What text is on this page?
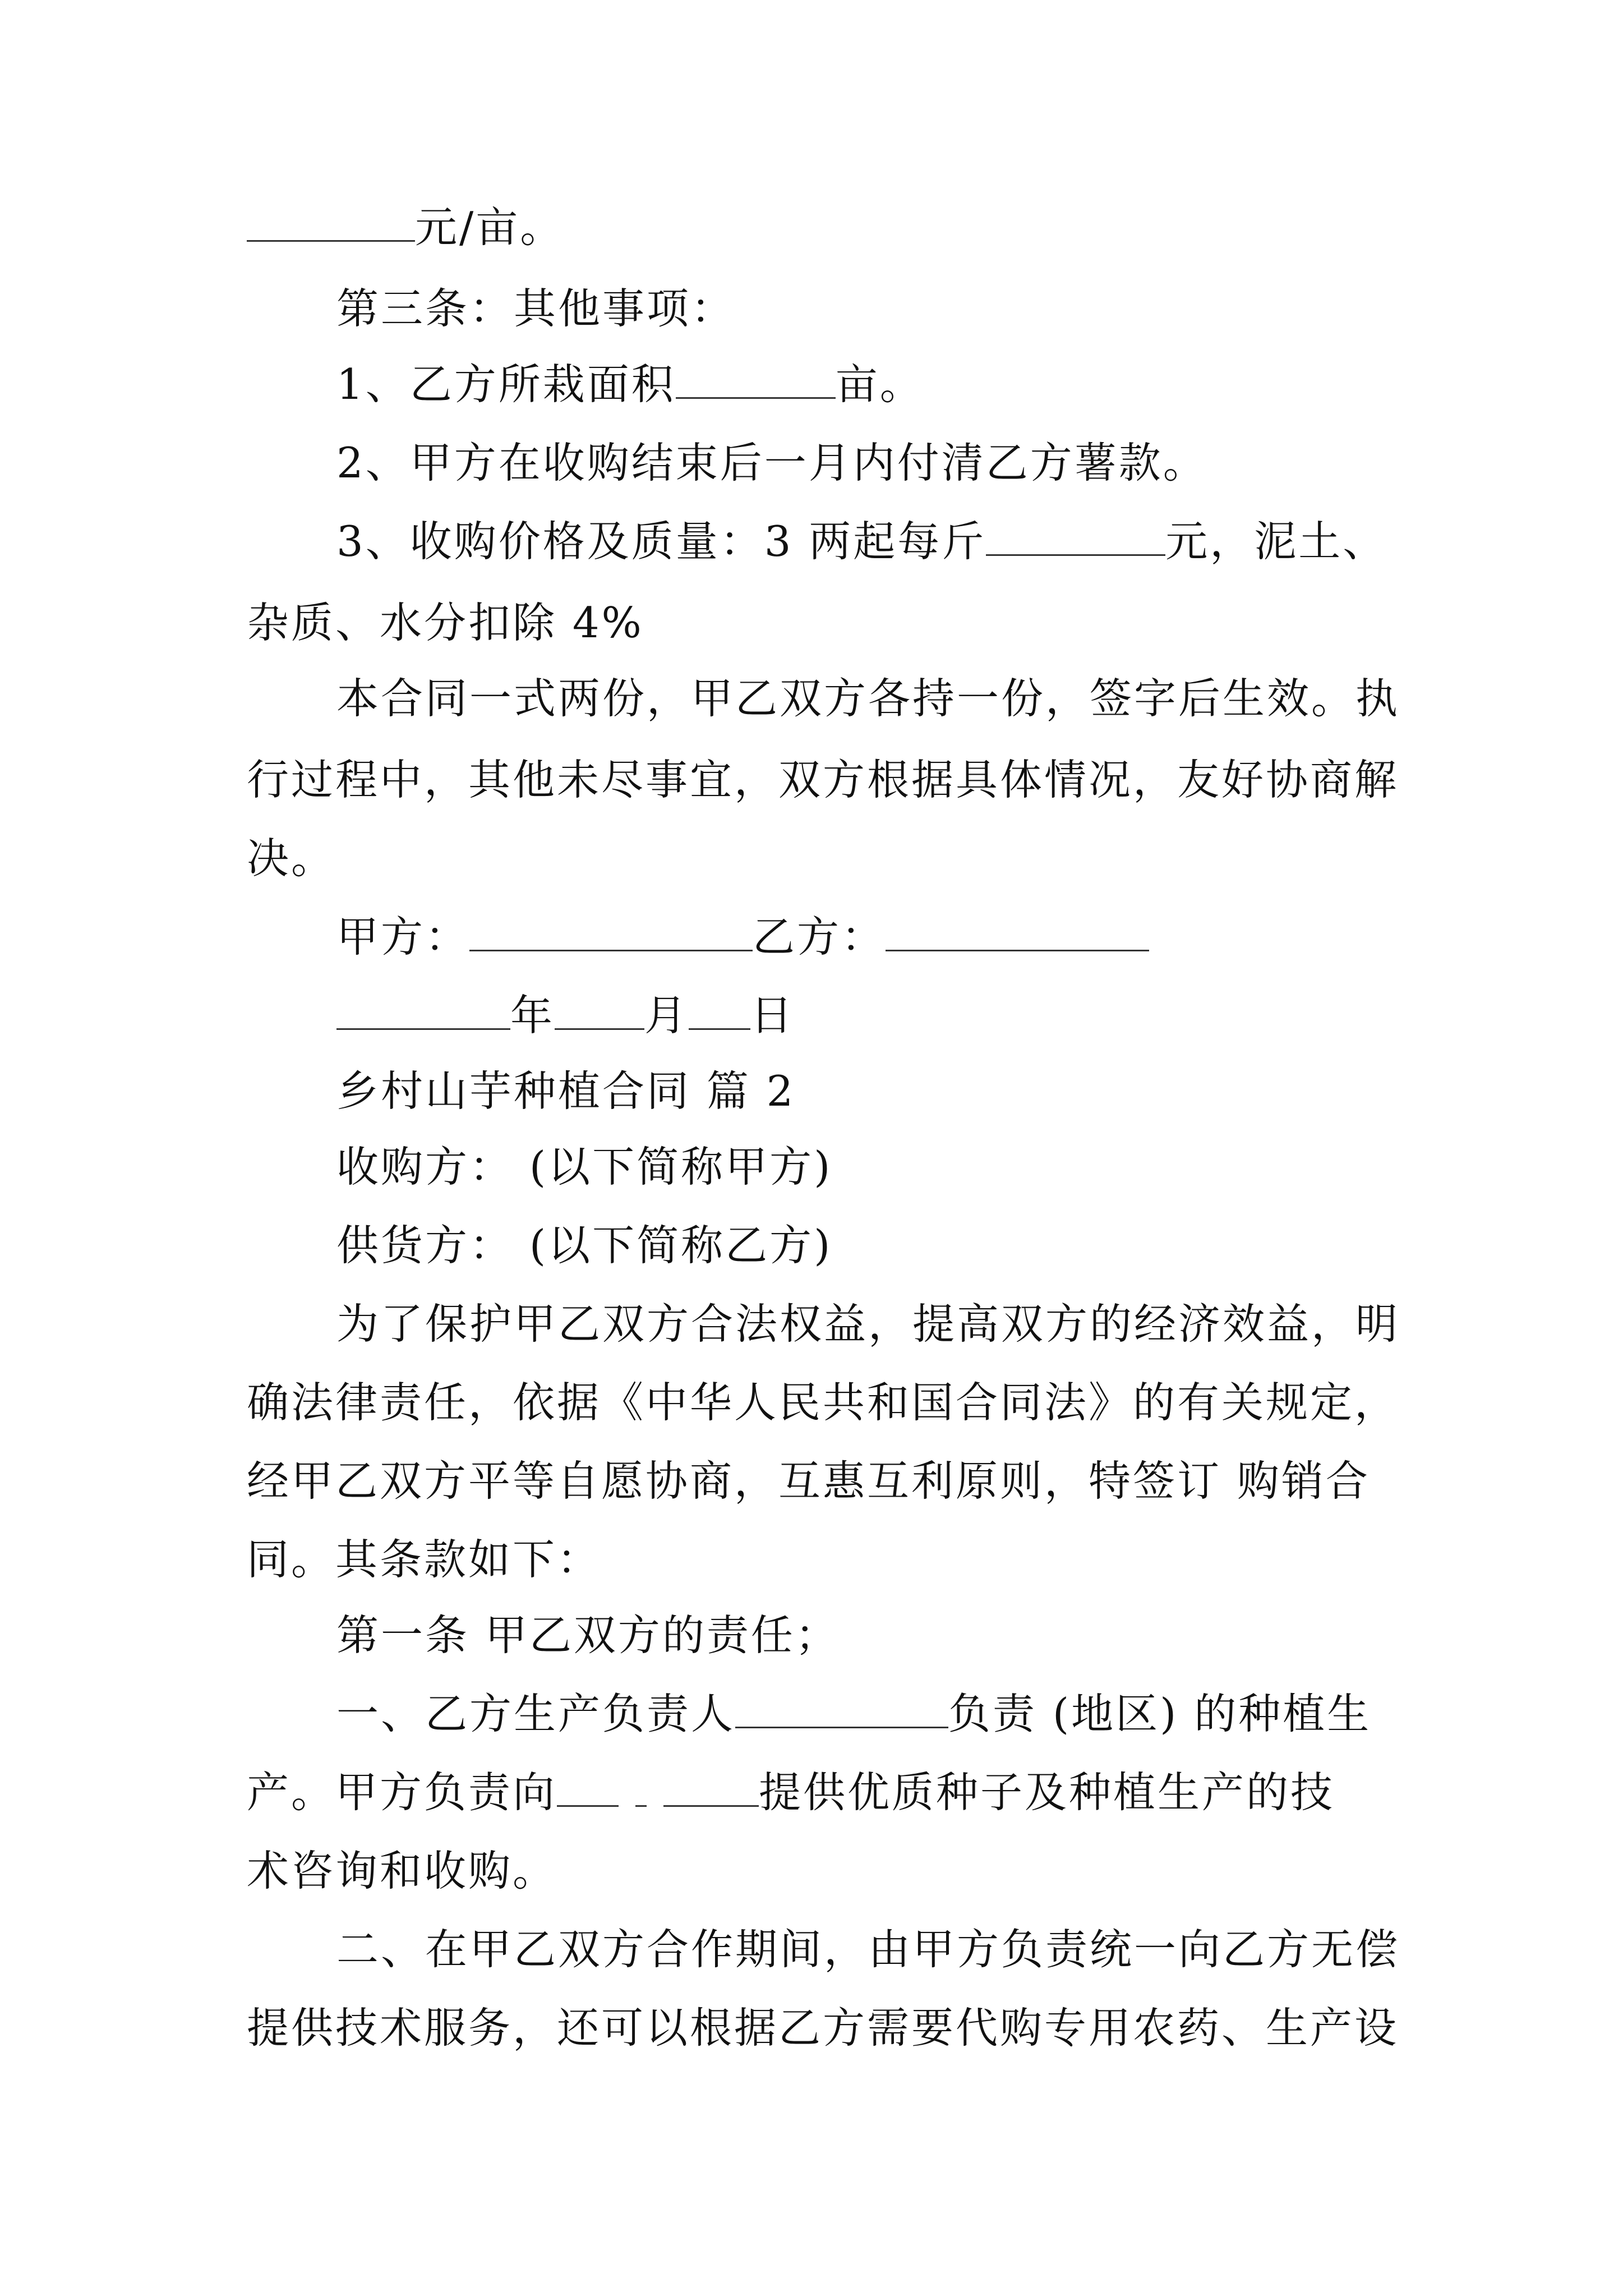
元/亩。
第三条：其他事项：
1、乙方所栽面积	亩。
2、甲方在收购结束后一月内付清乙方薯款。
3、收购价格及质量：3 两起每斤	元，泥土、
杂质、水分扣除 4%
本合同一式两份，甲乙双方各持一份，签字后生效。执
行过程中，其他未尽事宜，双方根据具体情况，友好协商解
决。
甲方：	乙方：
年 月 日
乡村山芋种植合同 篇 2
收购方： (以下简称甲方)
供货方： (以下简称乙方)
为了保护甲乙双方合法权益，提高双方的经济效益，明
确法律责任，依据《中华人民共和国合同法》的有关规定，
经甲乙双方平等自愿协商，互惠互利原则，特签订 购销合
同。其条款如下：
第一条 甲乙双方的责任；
一、乙方生产负责人	负责 (地区) 的种植生
产。甲方负责向	提供优质种子及种植生产的技
术咨询和收购。
二、在甲乙双方合作期间，由甲方负责统一向乙方无偿
提供技术服务，还可以根据乙方需要代购专用农药、生产设
